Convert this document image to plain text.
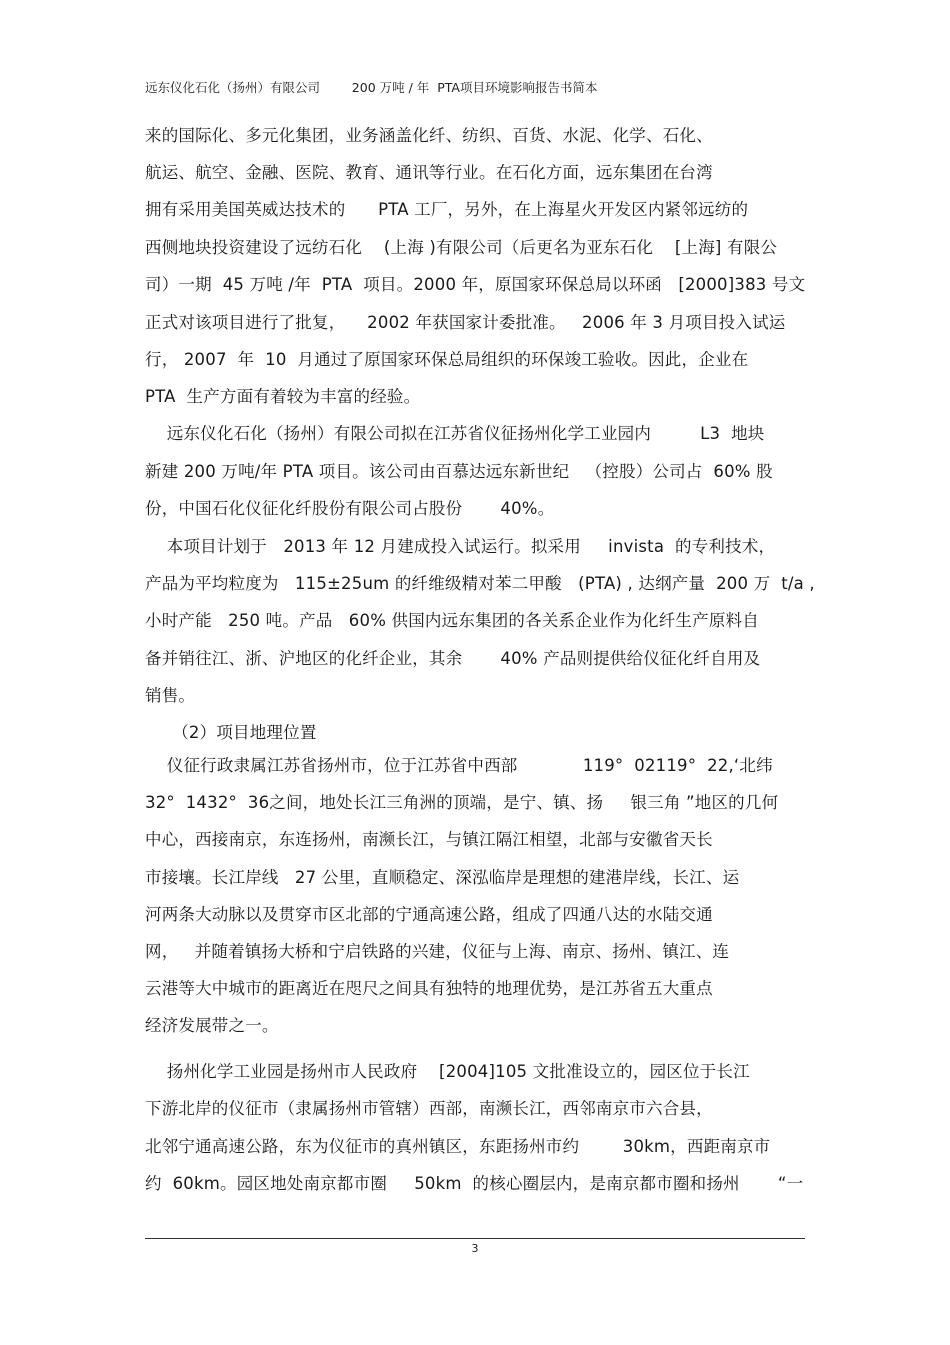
远东仪化石化（扬州）有限公司        200 万吨 / 年  PTA项目环境影响报告书简本
来的国际化、多元化集团，业务涵盖化纤、纺织、百货、水泥、化学、石化、
航运、航空、金融、医院、教育、通讯等行业。在石化方面，远东集团在台湾
拥有采用美国英威达技术的      PTA 工厂，另外，在上海星火开发区内紧邻远纺的
西侧地块投资建设了远纺石化    (上海 )有限公司（后更名为亚东石化    [上海] 有限公
司）一期  45 万吨 /年  PTA  项目。2000 年，原国家环保总局以环函   [2000]383 号文
正式对该项目进行了批复，    2002 年获国家计委批准。   2006 年 3 月项目投入试运
行， 2007  年  10  月通过了原国家环保总局组织的环保竣工验收。因此，企业在
PTA  生产方面有着较为丰富的经验。
远东仪化石化（扬州）有限公司拟在江苏省仪征扬州化学工业园内         L3  地块
新建 200 万吨/年 PTA 项目。该公司由百慕达远东新世纪   （控股）公司占  60% 股
份，中国石化仪征化纤股份有限公司占股份       40%。
本项目计划于   2013 年 12 月建成投入试运行。拟采用     invista  的专利技术，
产品为平均粒度为   115±25um 的纤维级精对苯二甲酸   (PTA) , 达纲产量  200 万  t/a ,
小时产能   250 吨。产品   60% 供国内远东集团的各关系企业作为化纤生产原料自
备并销往江、浙、沪地区的化纤企业，其余       40% 产品则提供给仪征化纤自用及
销售。
（2）项目地理位置
仪征行政隶属江苏省扬州市，位于江苏省中西部            119°  02119°  22,‘北纬
32°  1432°  36之间，地处长江三角洲的顶端，是宁、镇、扬     银三角 ”地区的几何
中心，西接南京，东连扬州，南濒长江，与镇江隔江相望，北部与安徽省天长
市接壤。长江岸线   27 公里，直顺稳定、深泓临岸是理想的建港岸线，长江、运
河两条大动脉以及贯穿市区北部的宁通高速公路，组成了四通八达的水陆交通
网，   并随着镇扬大桥和宁启铁路的兴建，仪征与上海、南京、扬州、镇江、连
云港等大中城市的距离近在咫尺之间具有独特的地理优势，是江苏省五大重点
经济发展带之一。
扬州化学工业园是扬州市人民政府    [2004]105 文批准设立的，园区位于长江
下游北岸的仪征市（隶属扬州市管辖）西部，南濒长江，西邻南京市六合县，
北邻宁通高速公路，东为仪征市的真州镇区，东距扬州市约        30km，西距南京市
约  60km。园区地处南京都市圈     50km  的核心圈层内，是南京都市圈和扬州       “一
3
